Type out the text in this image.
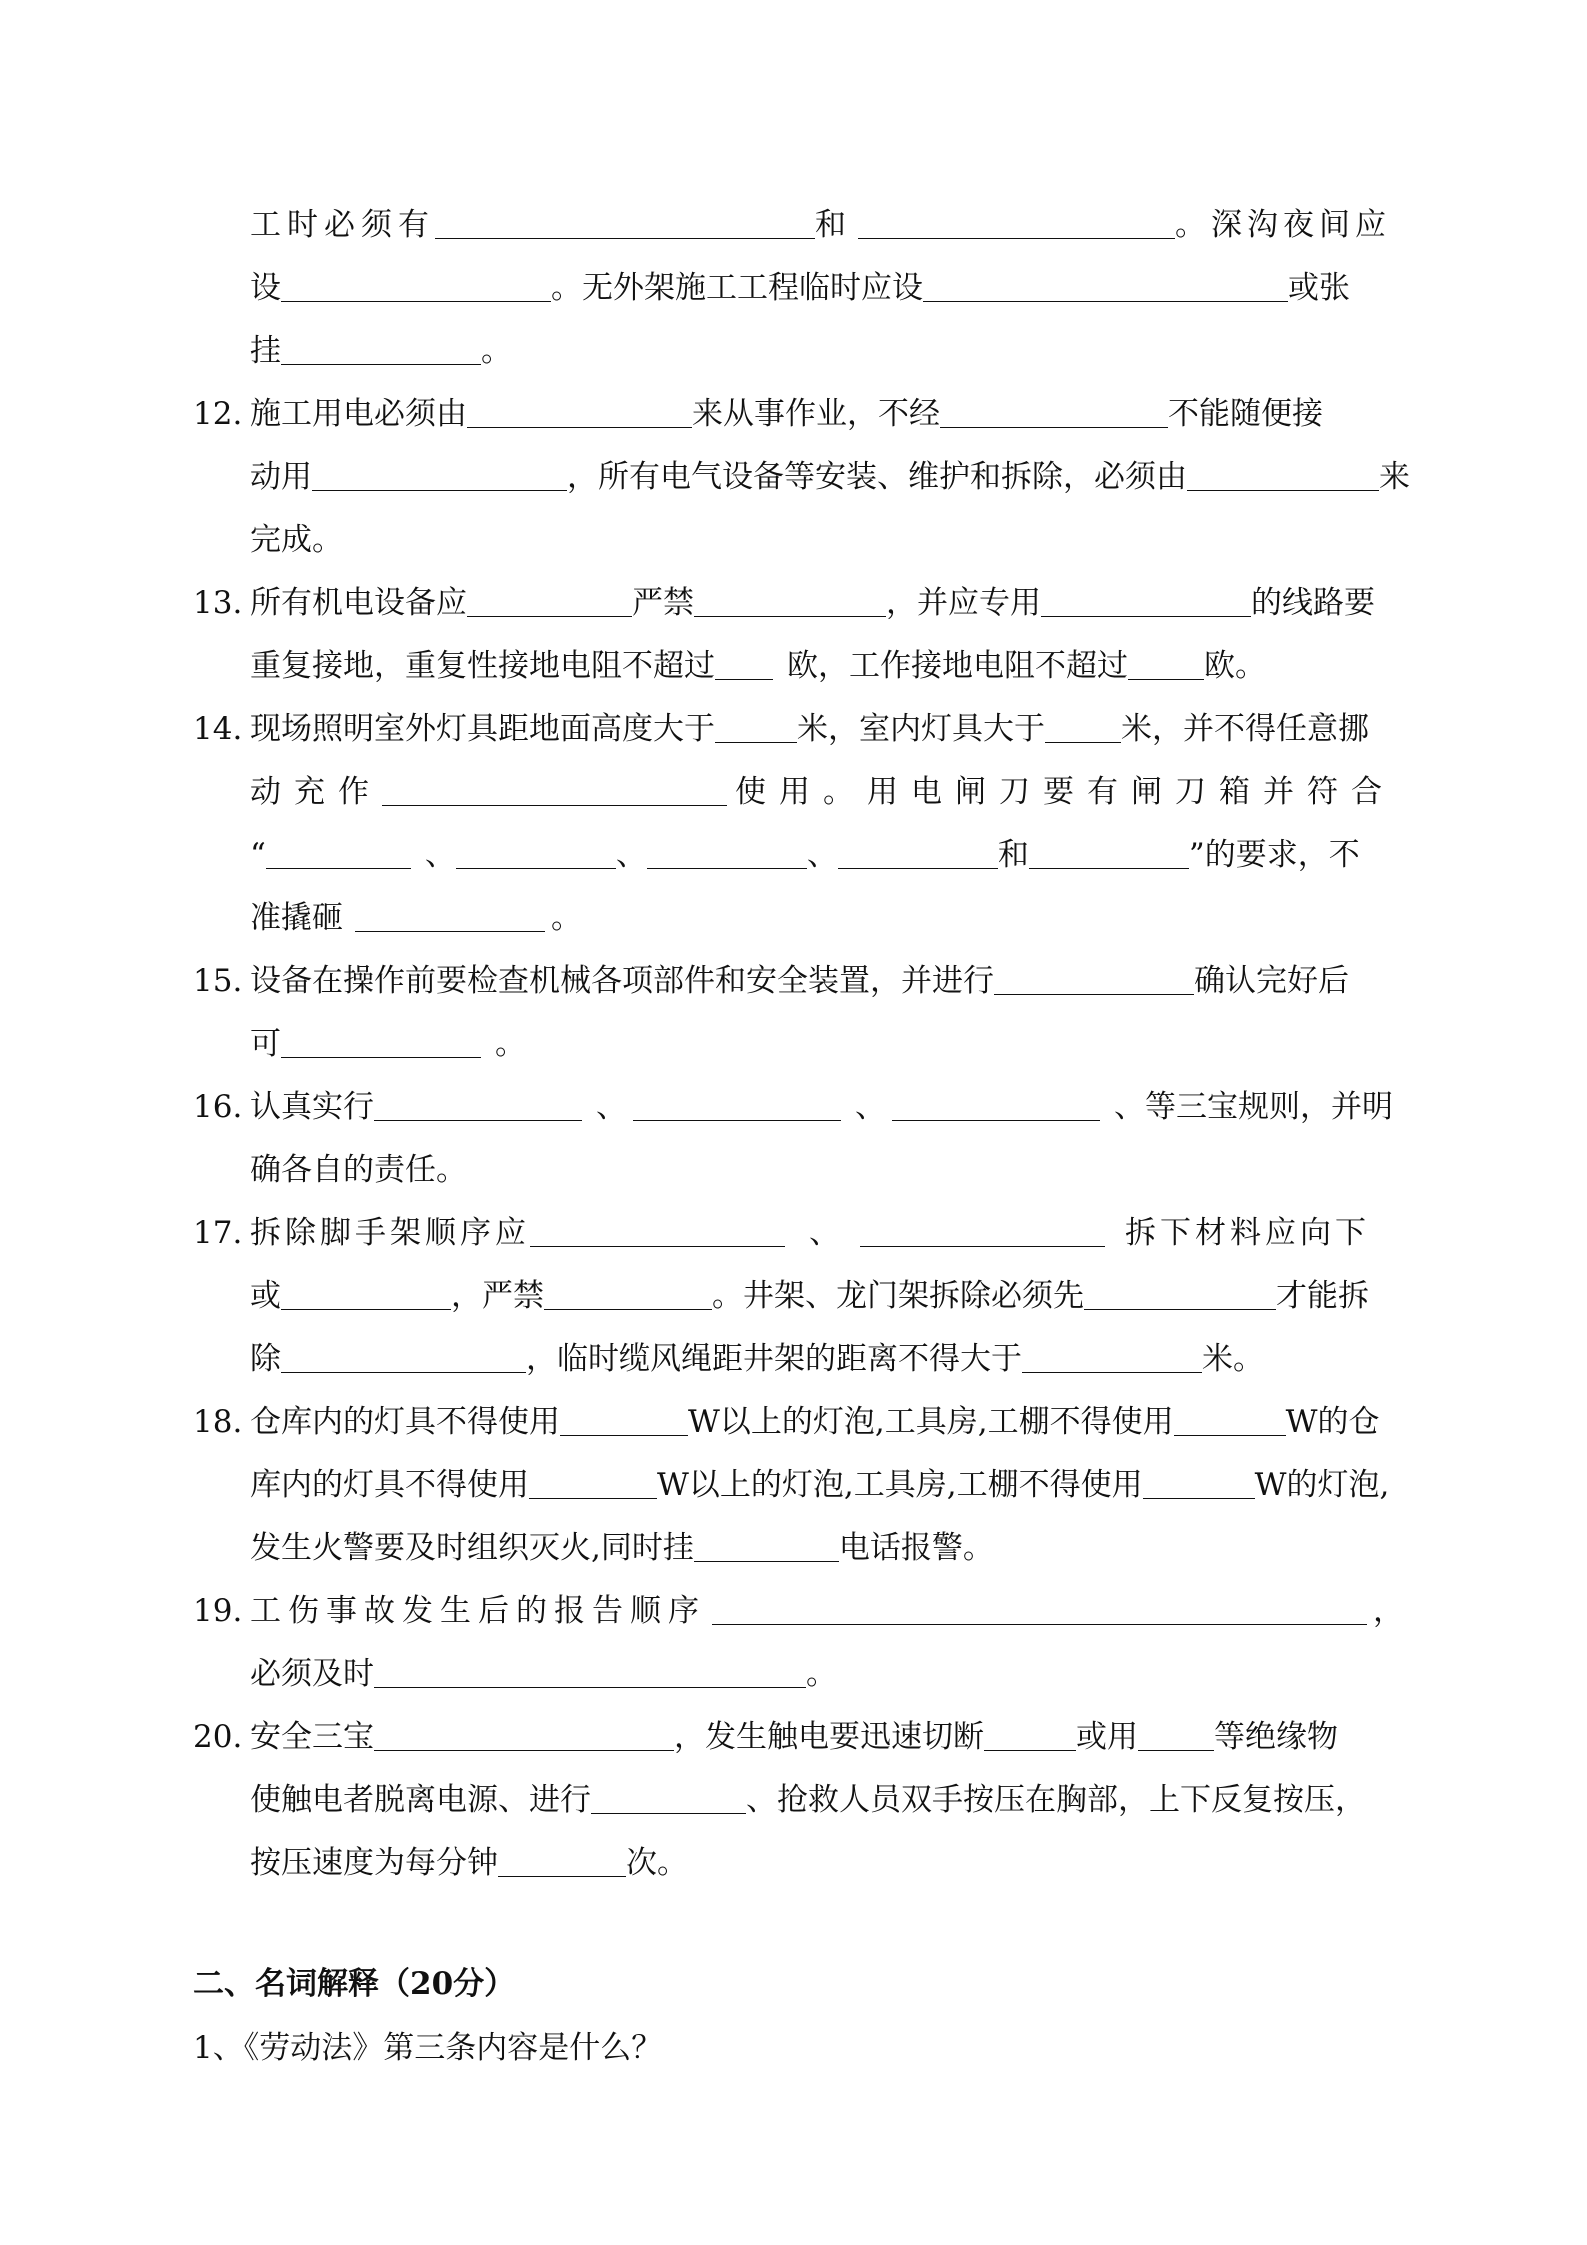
工时必须有	和	。深沟夜间应
设	。无外架施工工程临时应设	或张
挂	。
12. 施工用电必须由	来从事作业，不经	不能随便接
动用	，所有电气设备等安装、维护和拆除，必须由	来
完成。
13. 所有机电设备应	严禁	，并应专用	的线路要
重复接地，重复性接地电阻不超过 欧，工作接地电阻不超过 欧。
14. 现场照明室外灯具距地面高度大于	米，室内灯具大于 米，并不得任意挪
动充作	使用。用电闸刀要有闸刀箱并符合
“	、	、	、	和	”的要求，不
准撬砸	。
15. 设备在操作前要检查机械各项部件和安全装置，并进行	确认完好后
可	。
16. 认真实行	、	、	、等三宝规则，并明
确各自的责任。
17. 拆除脚手架顺序应	、	拆下材料应向下
或	，严禁	。井架、龙门架拆除必须先	才能拆
除	，临时缆风绳距井架的距离不得大于	米。
18. 仓库内的灯具不得使用	W以上的灯泡,工具房,工棚不得使用	W的仓
库内的灯具不得使用	W以上的灯泡,工具房,工棚不得使用	W的灯泡,
发生火警要及时组织灭火,同时挂	电话报警。
19. 工伤事故发生后的报告顺序	，
必须及时	。
20. 安全三宝	，发生触电要迅速切断	或用 等绝缘物
使触电者脱离电源、进行	、抢救人员双手按压在胸部，上下反复按压，
按压速度为每分钟	次。
二、名词解释（20分）
1、《劳动法》第三条内容是什么？
